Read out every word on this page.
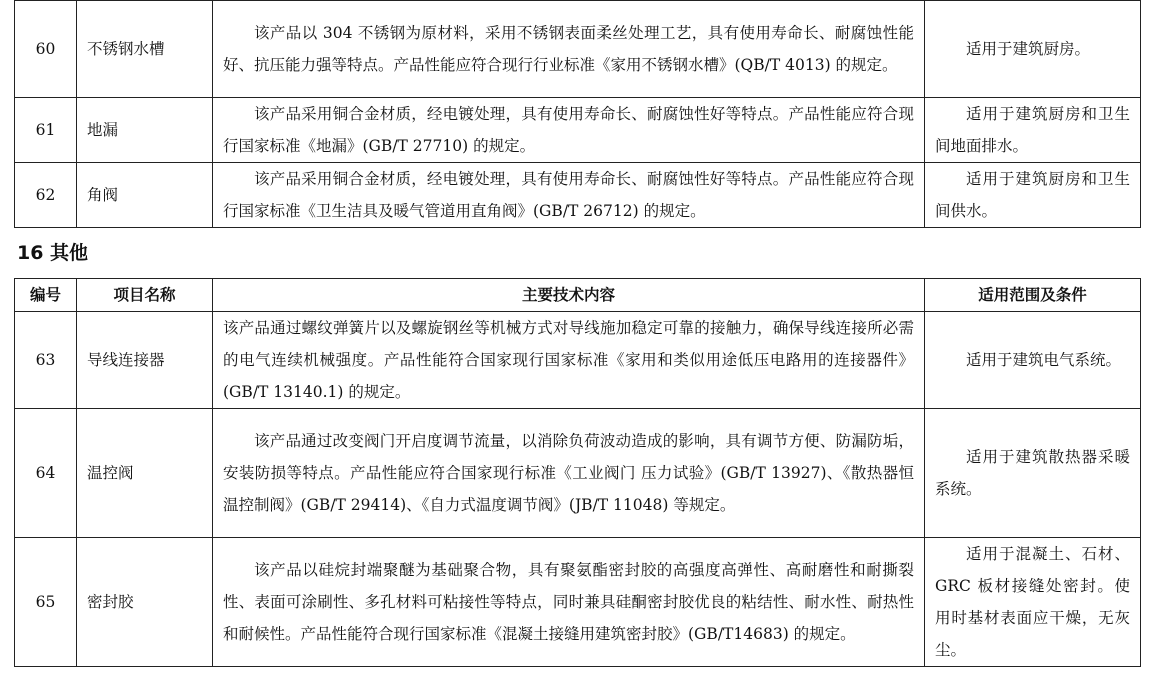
60	不锈钢水槽	该产品以 304 不锈钢为原材料，采用不锈钢表面柔丝处理工艺，具有使用寿命长、耐腐蚀性能好、抗压能力强等特点。产品性能应符合现行行业标准《家用不锈钢水槽》(QB/T 4013) 的规定。	适用于建筑厨房。
61	地漏	该产品采用铜合金材质，经电镀处理，具有使用寿命长、耐腐蚀性好等特点。产品性能应符合现行国家标准《地漏》(GB/T 27710) 的规定。	适用于建筑厨房和卫生间地面排水。
62	角阀	该产品采用铜合金材质，经电镀处理，具有使用寿命长、耐腐蚀性好等特点。产品性能应符合现行国家标准《卫生洁具及暖气管道用直角阀》(GB/T 26712) 的规定。	适用于建筑厨房和卫生间供水。
16 其他
编号	项目名称	主要技术内容	适用范围及条件
63	导线连接器	该产品通过螺纹弹簧片以及螺旋钢丝等机械方式对导线施加稳定可靠的接触力，确保导线连接所必需的电气连续机械强度。产品性能符合国家现行国家标准《家用和类似用途低压电路用的连接器件》(GB/T 13140.1) 的规定。	适用于建筑电气系统。
64	温控阀	该产品通过改变阀门开启度调节流量，以消除负荷波动造成的影响，具有调节方便、防漏防垢，安装防损等特点。产品性能应符合国家现行标准《工业阀门 压力试验》(GB/T 13927)、《散热器恒温控制阀》(GB/T 29414)、《自力式温度调节阀》(JB/T 11048) 等规定。	适用于建筑散热器采暖系统。
65	密封胶	该产品以硅烷封端聚醚为基础聚合物，具有聚氨酯密封胶的高强度高弹性、高耐磨性和耐撕裂性、表面可涂刷性、多孔材料可粘接性等特点，同时兼具硅酮密封胶优良的粘结性、耐水性、耐热性和耐候性。产品性能符合现行国家标准《混凝土接缝用建筑密封胶》(GB/T14683) 的规定。	适用于混凝土、石材、GRC 板材接缝处密封。使用时基材表面应干燥，无灰尘。
